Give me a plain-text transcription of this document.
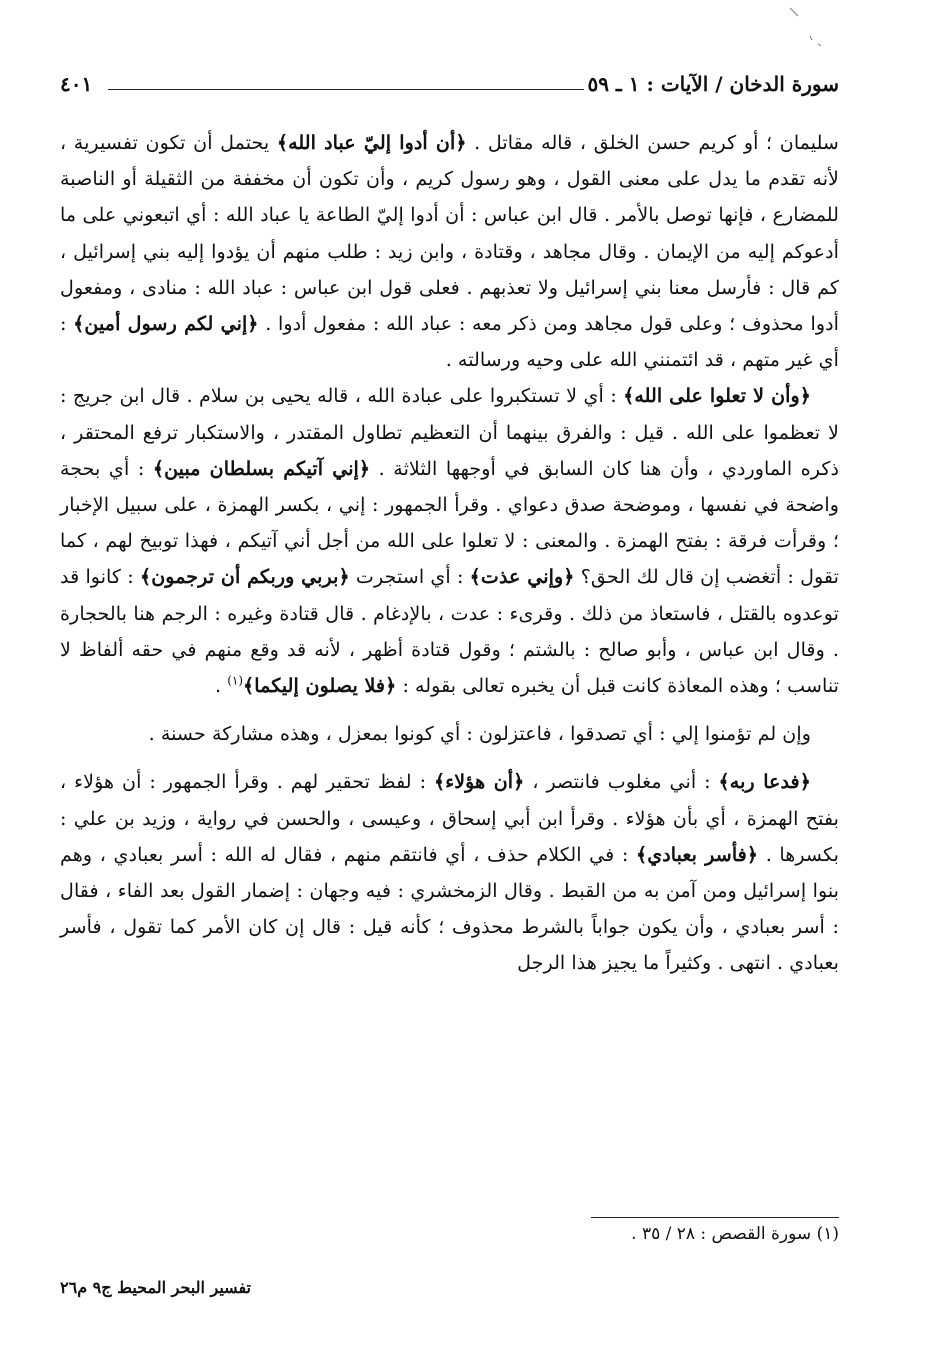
سورة الدخان / الآيات : ١ ـ ٥٩
٤٠١

سليمان ؛ أو كريم حسن الخلق ، قاله مقاتل . ﴿أن أدوا إليّ عباد الله﴾ يحتمل أن تكون تفسيرية ، لأنه تقدم ما يدل على معنى القول ، وهو رسول كريم ، وأن تكون أن مخففة من الثقيلة أو الناصبة للمضارع ، فإنها توصل بالأمر . قال ابن عباس : أن أدوا إليّ الطاعة يا عباد الله : أي اتبعوني على ما أدعوكم إليه من الإيمان . وقال مجاهد ، وقتادة ، وابن زيد : طلب منهم أن يؤدوا إليه بني إسرائيل ، كم قال : فأرسل معنا بني إسرائيل ولا تعذبهم . فعلى قول ابن عباس : عباد الله : منادى ، ومفعول أدوا محذوف ؛ وعلى قول مجاهد ومن ذكر معه : عباد الله : مفعول أدوا . ﴿إني لكم رسول أمين﴾ : أي غير متهم ، قد ائتمنني الله على وحيه ورسالته .

﴿وأن لا تعلوا على الله﴾ : أي لا تستكبروا على عبادة الله ، قاله يحيى بن سلام . قال ابن جريج : لا تعظموا على الله . قيل : والفرق بينهما أن التعظيم تطاول المقتدر ، والاستكبار ترفع المحتقر ، ذكره الماوردي ، وأن هنا كان السابق في أوجهها الثلاثة . ﴿إني آتيكم بسلطان مبين﴾ : أي بحجة واضحة في نفسها ، وموضحة صدق دعواي . وقرأ الجمهور : إني ، بكسر الهمزة ، على سبيل الإخبار ؛ وقرأت فرقة : بفتح الهمزة . والمعنى : لا تعلوا على الله من أجل أني آتيكم ، فهذا توبيخ لهم ، كما تقول : أتغضب إن قال لك الحق؟ ﴿وإني عذت﴾ : أي استجرت ﴿بربي وربكم أن ترجمون﴾ : كانوا قد توعدوه بالقتل ، فاستعاذ من ذلك . وقرىء : عدت ، بالإدغام . قال قتادة وغيره : الرجم هنا بالحجارة . وقال ابن عباس ، وأبو صالح : بالشتم ؛ وقول قتادة أظهر ، لأنه قد وقع منهم في حقه ألفاظ لا تناسب ؛ وهذه المعاذة كانت قبل أن يخبره تعالى بقوله : ﴿فلا يصلون إليكما﴾$^{(١)}$ .

وإن لم تؤمنوا إلي : أي تصدقوا ، فاعتزلون : أي كونوا بمعزل ، وهذه مشاركة حسنة .

﴿فدعا ربه﴾ : أني مغلوب فانتصر ، ﴿أن هؤلاء﴾ : لفظ تحقير لهم . وقرأ الجمهور : أن هؤلاء ، بفتح الهمزة ، أي بأن هؤلاء . وقرأ ابن أبي إسحاق ، وعيسى ، والحسن في رواية ، وزيد بن علي : بكسرها . ﴿فأسر بعبادي﴾ : في الكلام حذف ، أي فانتقم منهم ، فقال له الله : أسر بعبادي ، وهم بنوا إسرائيل ومن آمن به من القبط . وقال الزمخشري : فيه وجهان : إضمار القول بعد الفاء ، فقال : أسر بعبادي ، وأن يكون جواباً بالشرط محذوف ؛ كأنه قيل : قال إن كان الأمر كما تقول ، فأسر بعبادي . انتهى . وكثيراً ما يجيز هذا الرجل

(١) سورة القصص : ٢٨ / ٣٥ .
تفسير البحر المحيط ج٩ م٢٦
